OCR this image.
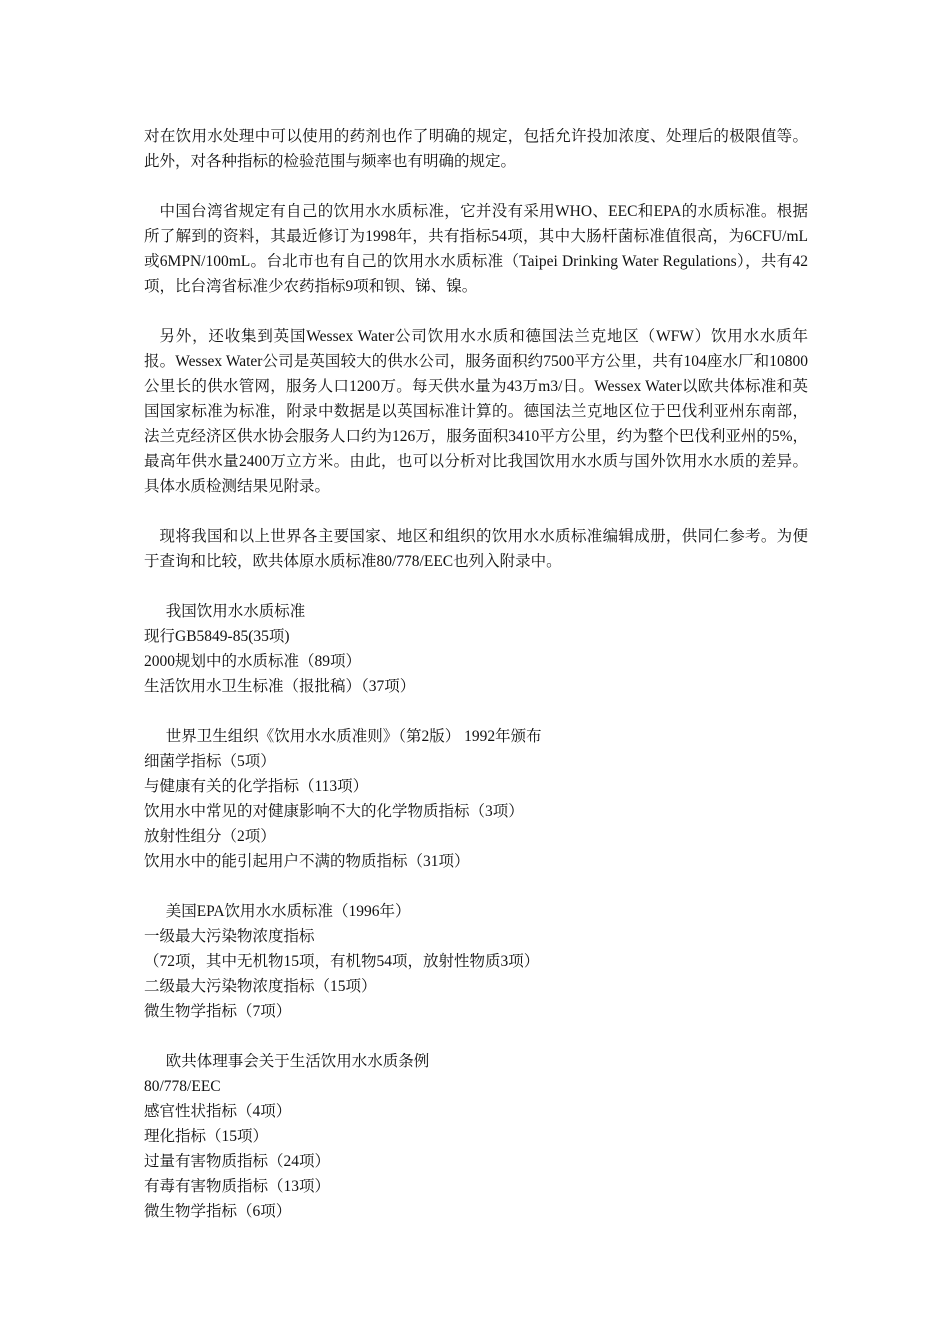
对在饮用水处理中可以使用的药剂也作了明确的规定，包括允许投加浓度、处理后的极限值等。此外，对各种指标的检验范围与频率也有明确的规定。

中国台湾省规定有自己的饮用水水质标准，它并没有采用WHO、EEC和EPA的水质标准。根据所了解到的资料，其最近修订为1998年，共有指标54项，其中大肠杆菌标准值很高，为6CFU/mL或6MPN/100mL。台北市也有自己的饮用水水质标准（Taipei Drinking Water Regulations），共有42项，比台湾省标准少农药指标9项和钡、锑、镍。

另外，还收集到英国Wessex Water公司饮用水水质和德国法兰克地区（WFW）饮用水水质年报。Wessex Water公司是英国较大的供水公司，服务面积约7500平方公里，共有104座水厂和10800公里长的供水管网，服务人口1200万。每天供水量为43万m3/日。Wessex Water以欧共体标准和英国国家标准为标准，附录中数据是以英国标准计算的。德国法兰克地区位于巴伐利亚州东南部，法兰克经济区供水协会服务人口约为126万，服务面积3410平方公里，约为整个巴伐利亚州的5%，最高年供水量2400万立方米。由此，也可以分析对比我国饮用水水质与国外饮用水水质的差异。具体水质检测结果见附录。

现将我国和以上世界各主要国家、地区和组织的饮用水水质标准编辑成册，供同仁参考。为便于查询和比较，欧共体原水质标准80/778/EEC也列入附录中。

我国饮用水水质标准
现行GB5849-85(35项)
2000规划中的水质标准（89项）
生活饮用水卫生标准（报批稿）（37项）
世界卫生组织《饮用水水质准则》（第2版） 1992年颁布
细菌学指标（5项）
与健康有关的化学指标（113项）
饮用水中常见的对健康影响不大的化学物质指标（3项）
放射性组分（2项）
饮用水中的能引起用户不满的物质指标（31项）
美国EPA饮用水水质标准（1996年）
一级最大污染物浓度指标
（72项，其中无机物15项，有机物54项，放射性物质3项）
二级最大污染物浓度指标（15项）
微生物学指标（7项）
欧共体理事会关于生活饮用水水质条例
80/778/EEC
感官性状指标（4项）
理化指标（15项）
过量有害物质指标（24项）
有毒有害物质指标（13项）
微生物学指标（6项）
